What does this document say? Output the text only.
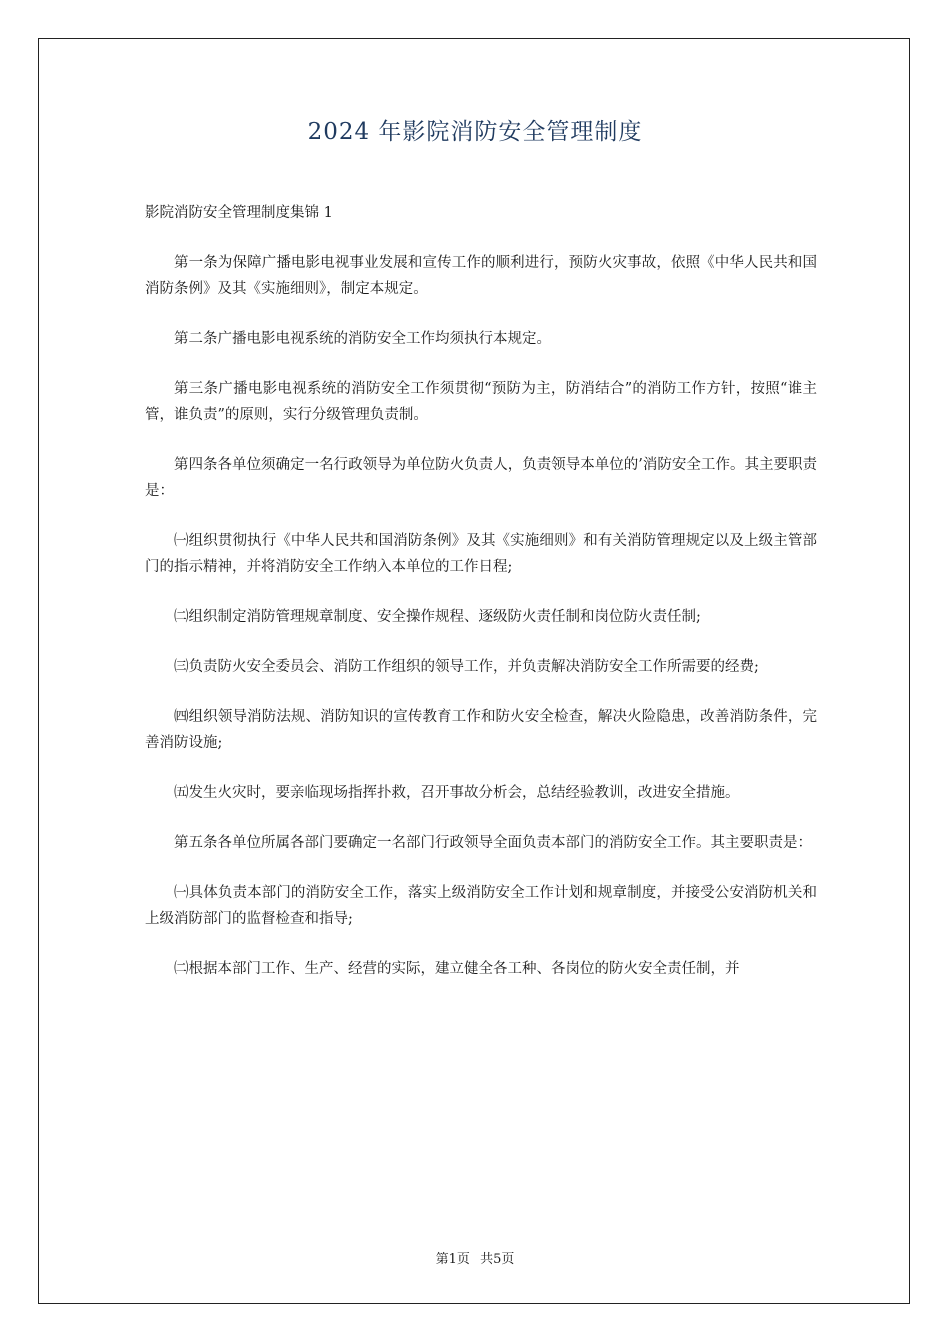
2024 年影院消防安全管理制度

影院消防安全管理制度集锦 1

第一条为保障广播电影电视事业发展和宣传工作的顺利进行，预防火灾事故，依照《中华人民共和国消防条例》及其《实施细则》，制定本规定。

第二条广播电影电视系统的消防安全工作均须执行本规定。

第三条广播电影电视系统的消防安全工作须贯彻“预防为主，防消结合”的消防工作方针，按照“谁主管，谁负责”的原则，实行分级管理负责制。

第四条各单位须确定一名行政领导为单位防火负责人，负责领导本单位的’消防安全工作。其主要职责是：

㈠组织贯彻执行《中华人民共和国消防条例》及其《实施细则》和有关消防管理规定以及上级主管部门的指示精神，并将消防安全工作纳入本单位的工作日程;

㈡组织制定消防管理规章制度、安全操作规程、逐级防火责任制和岗位防火责任制;

㈢负责防火安全委员会、消防工作组织的领导工作，并负责解决消防安全工作所需要的经费;

㈣组织领导消防法规、消防知识的宣传教育工作和防火安全检查，解决火险隐患，改善消防条件，完善消防设施;

㈤发生火灾时，要亲临现场指挥扑救，召开事故分析会，总结经验教训，改进安全措施。

第五条各单位所属各部门要确定一名部门行政领导全面负责本部门的消防安全工作。其主要职责是：

㈠具体负责本部门的消防安全工作，落实上级消防安全工作计划和规章制度，并接受公安消防机关和上级消防部门的监督检查和指导;

㈡根据本部门工作、生产、经营的实际，建立健全各工种、各岗位的防火安全责任制，并

第1页 共5页
